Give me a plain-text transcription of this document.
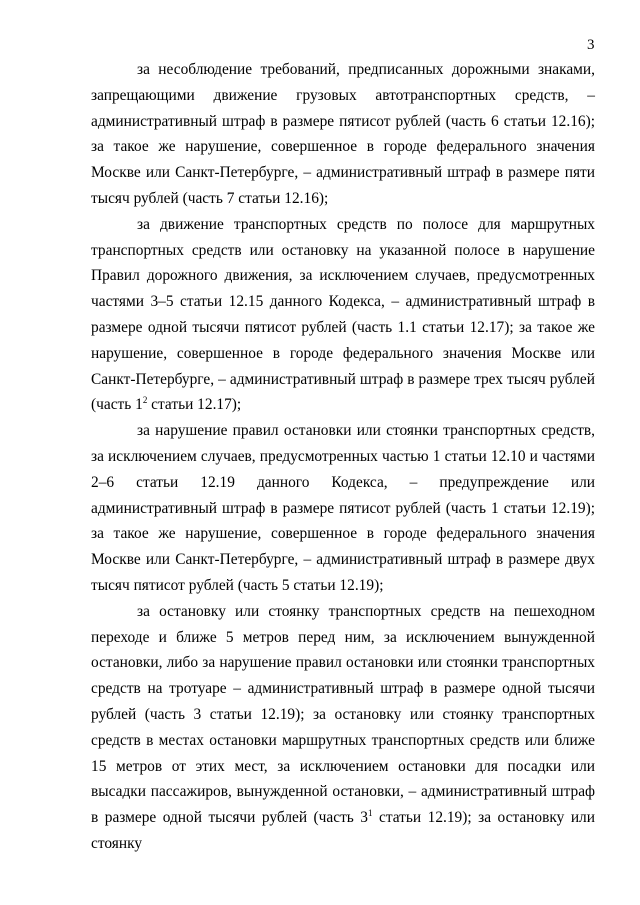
3

за несоблюдение требований, предписанных дорожными знаками, запрещающими движение грузовых автотранспортных средств, – административный штраф в размере пятисот рублей (часть 6 статьи 12.16); за такое же нарушение, совершенное в городе федерального значения Москве или Санкт-Петербурге, – административный штраф в размере пяти тысяч рублей (часть 7 статьи 12.16);

за движение транспортных средств по полосе для маршрутных транспортных средств или остановку на указанной полосе в нарушение Правил дорожного движения, за исключением случаев, предусмотренных частями 3–5 статьи 12.15 данного Кодекса, – административный штраф в размере одной тысячи пятисот рублей (часть 1.1 статьи 12.17); за такое же нарушение, совершенное в городе федерального значения Москве или Санкт-Петербурге, – административный штраф в размере трех тысяч рублей (часть $1^2$ статьи 12.17);

за нарушение правил остановки или стоянки транспортных средств, за исключением случаев, предусмотренных частью 1 статьи 12.10 и частями 2–6 статьи 12.19 данного Кодекса, – предупреждение или административный штраф в размере пятисот рублей (часть 1 статьи 12.19); за такое же нарушение, совершенное в городе федерального значения Москве или Санкт-Петербурге, – административный штраф в размере двух тысяч пятисот рублей (часть 5 статьи 12.19);

за остановку или стоянку транспортных средств на пешеходном переходе и ближе 5 метров перед ним, за исключением вынужденной остановки, либо за нарушение правил остановки или стоянки транспортных средств на тротуаре – административный штраф в размере одной тысячи рублей (часть 3 статьи 12.19); за остановку или стоянку транспортных средств в местах остановки маршрутных транспортных средств или ближе 15 метров от этих мест, за исключением остановки для посадки или высадки пассажиров, вынужденной остановки, – административный штраф в размере одной тысячи рублей (часть $3^1$ статьи 12.19); за остановку или стоянку
